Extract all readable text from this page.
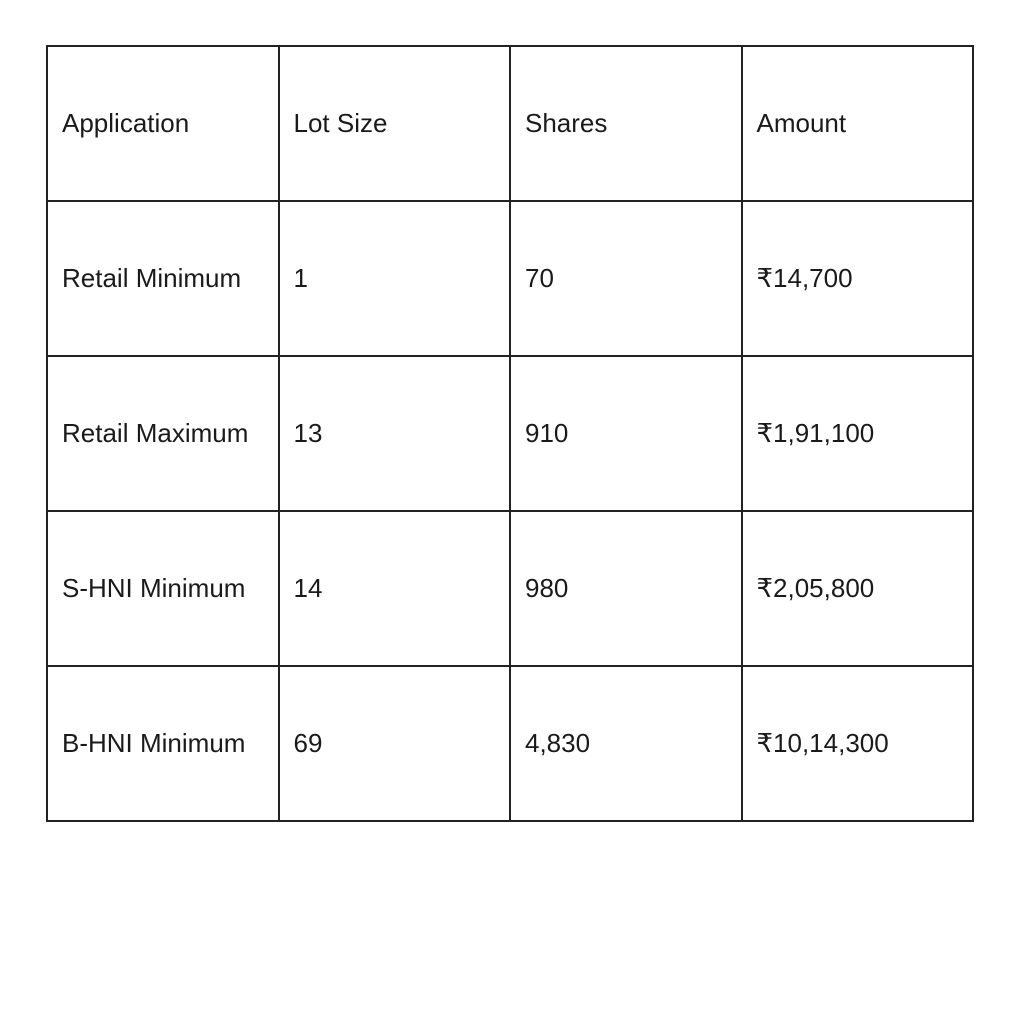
Application	Lot Size	Shares	Amount
Retail Minimum	1	70	₹14,700
Retail Maximum	13	910	₹1,91,100
S-HNI Minimum	14	980	₹2,05,800
B-HNI Minimum	69	4,830	₹10,14,300
